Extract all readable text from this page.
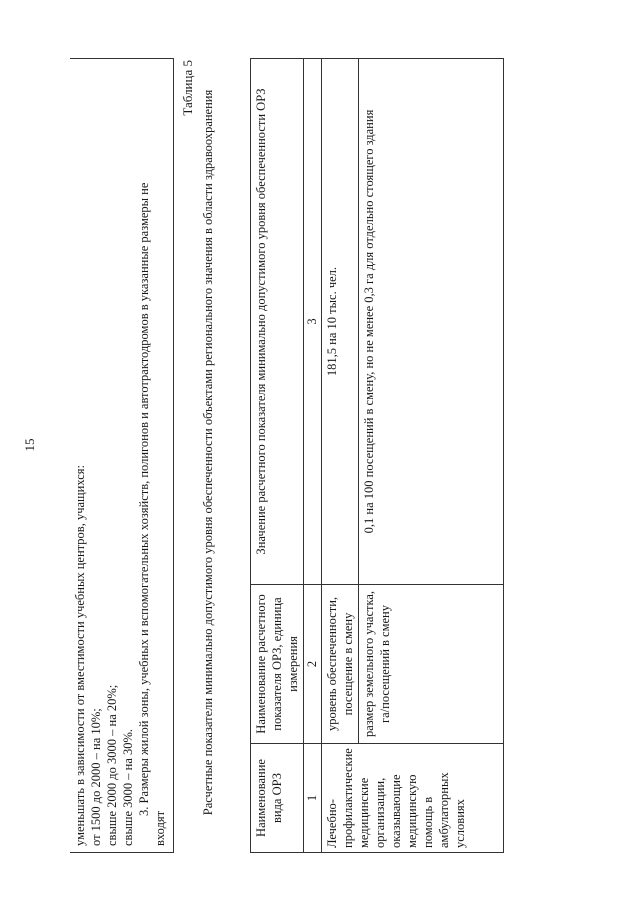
15

уменьшать в зависимости от вместимости учебных центров, учащихся: от 1500 до 2000 – на 10%; свыше 2000 до 3000 – на 20%; свыше 3000 – на 30%. 3. Размеры жилой зоны, учебных и вспомогательных хозяйств, полигонов и автотрактодромов в указанные размеры не

входят

Таблица 5
Расчетные показатели минимально допустимого уровня обеспеченности объектами регионального значения в области здравоохранения	Наименование вида ОРЗ	Наименование расчетного показателя ОРЗ, единица измерения	Значение расчетного показателя минимально допустимого уровня обеспеченности ОРЗ
1	2	3
Лечебно-профилактические медицинские организации, оказывающие медицинскую помощь в амбулаторных условиях	уровень обеспеченности, посещение в смену	181,5 на 10 тыс. чел.
	размер земельного участка, га/посещений в смену	0,1 на 100 посещений в смену, но не менее 0,3 га для отдельно стоящего здания
